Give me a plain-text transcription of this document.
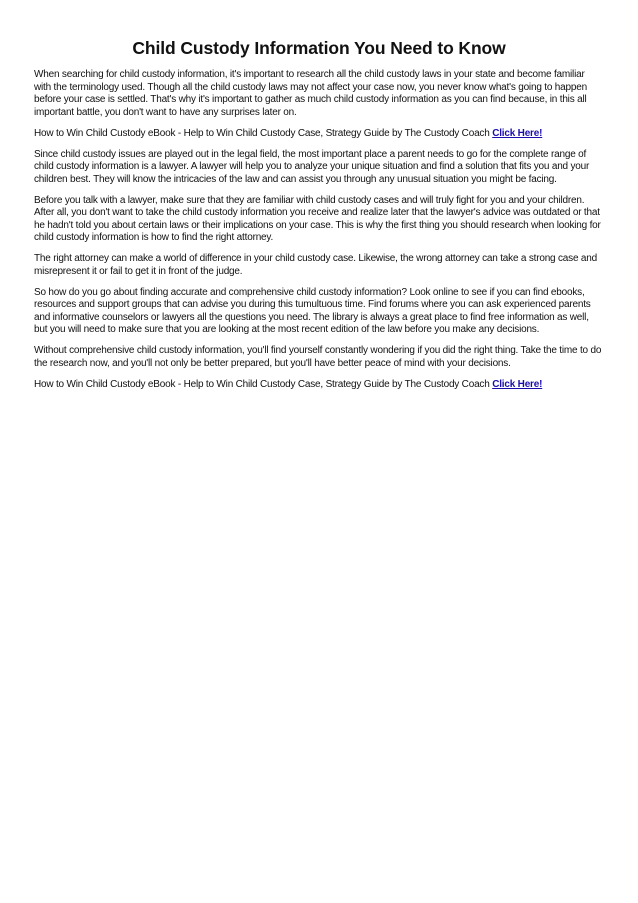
Child Custody Information You Need to Know

When searching for child custody information, it's important to research all the child custody laws in your state and become familiar with the terminology used. Though all the child custody laws may not affect your case now, you never know what's going to happen before your case is settled. That's why it's important to gather as much child custody information as you can find because, in this all important battle, you don't want to have any surprises later on.

How to Win Child Custody eBook - Help to Win Child Custody Case, Strategy Guide by The Custody Coach Click Here!

Since child custody issues are played out in the legal field, the most important place a parent needs to go for the complete range of child custody information is a lawyer. A lawyer will help you to analyze your unique situation and find a solution that fits you and your children best. They will know the intricacies of the law and can assist you through any unusual situation you might be facing.

Before you talk with a lawyer, make sure that they are familiar with child custody cases and will truly fight for you and your children. After all, you don't want to take the child custody information you receive and realize later that the lawyer's advice was outdated or that he hadn't told you about certain laws or their implications on your case. This is why the first thing you should research when looking for child custody information is how to find the right attorney.

The right attorney can make a world of difference in your child custody case. Likewise, the wrong attorney can take a strong case and misrepresent it or fail to get it in front of the judge.

So how do you go about finding accurate and comprehensive child custody information? Look online to see if you can find ebooks, resources and support groups that can advise you during this tumultuous time. Find forums where you can ask experienced parents and informative counselors or lawyers all the questions you need. The library is always a great place to find free information as well, but you will need to make sure that you are looking at the most recent edition of the law before you make any decisions.

Without comprehensive child custody information, you'll find yourself constantly wondering if you did the right thing. Take the time to do the research now, and you'll not only be better prepared, but you'll have better peace of mind with your decisions.

How to Win Child Custody eBook - Help to Win Child Custody Case, Strategy Guide by The Custody Coach Click Here!
